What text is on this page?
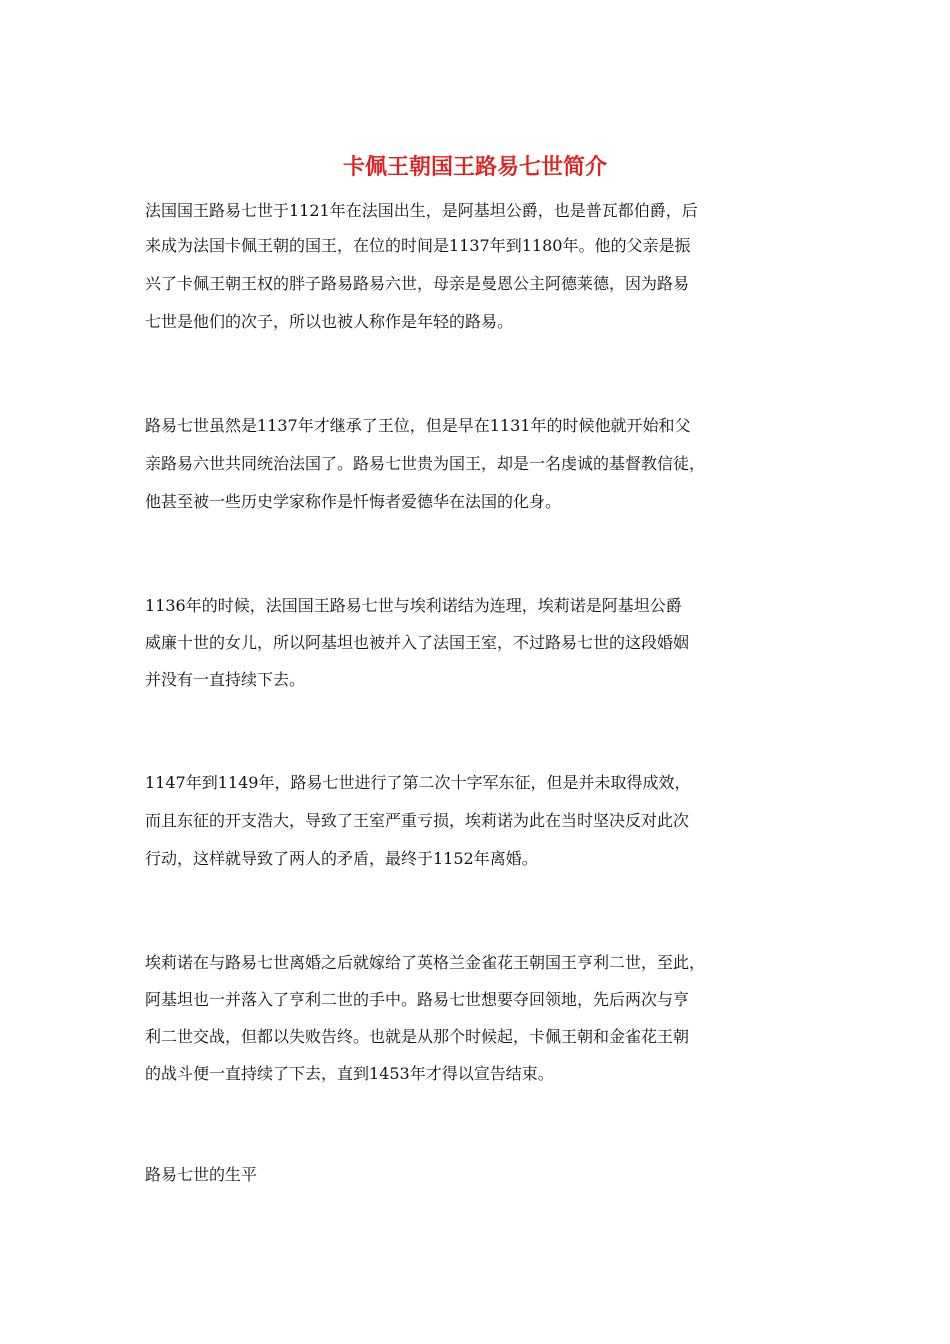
卡佩王朝国王路易七世简介

法国国王路易七世于1121年在法国出生，是阿基坦公爵，也是普瓦都伯爵，后

来成为法国卡佩王朝的国王，在位的时间是1137年到1180年。他的父亲是振

兴了卡佩王朝王权的胖子路易路易六世，母亲是曼恩公主阿德莱德，因为路易

七世是他们的次子，所以也被人称作是年轻的路易。

路易七世虽然是1137年才继承了王位，但是早在1131年的时候他就开始和父

亲路易六世共同统治法国了。路易七世贵为国王，却是一名虔诚的基督教信徒，

他甚至被一些历史学家称作是忏悔者爱德华在法国的化身。

1136年的时候，法国国王路易七世与埃利诺结为连理，埃莉诺是阿基坦公爵

威廉十世的女儿，所以阿基坦也被并入了法国王室，不过路易七世的这段婚姻

并没有一直持续下去。

1147年到1149年，路易七世进行了第二次十字军东征，但是并未取得成效，

而且东征的开支浩大，导致了王室严重亏损，埃莉诺为此在当时坚决反对此次

行动，这样就导致了两人的矛盾，最终于1152年离婚。

埃莉诺在与路易七世离婚之后就嫁给了英格兰金雀花王朝国王亨利二世，至此，

阿基坦也一并落入了亨利二世的手中。路易七世想要夺回领地，先后两次与亨

利二世交战，但都以失败告终。也就是从那个时候起，卡佩王朝和金雀花王朝

的战斗便一直持续了下去，直到1453年才得以宣告结束。

路易七世的生平
